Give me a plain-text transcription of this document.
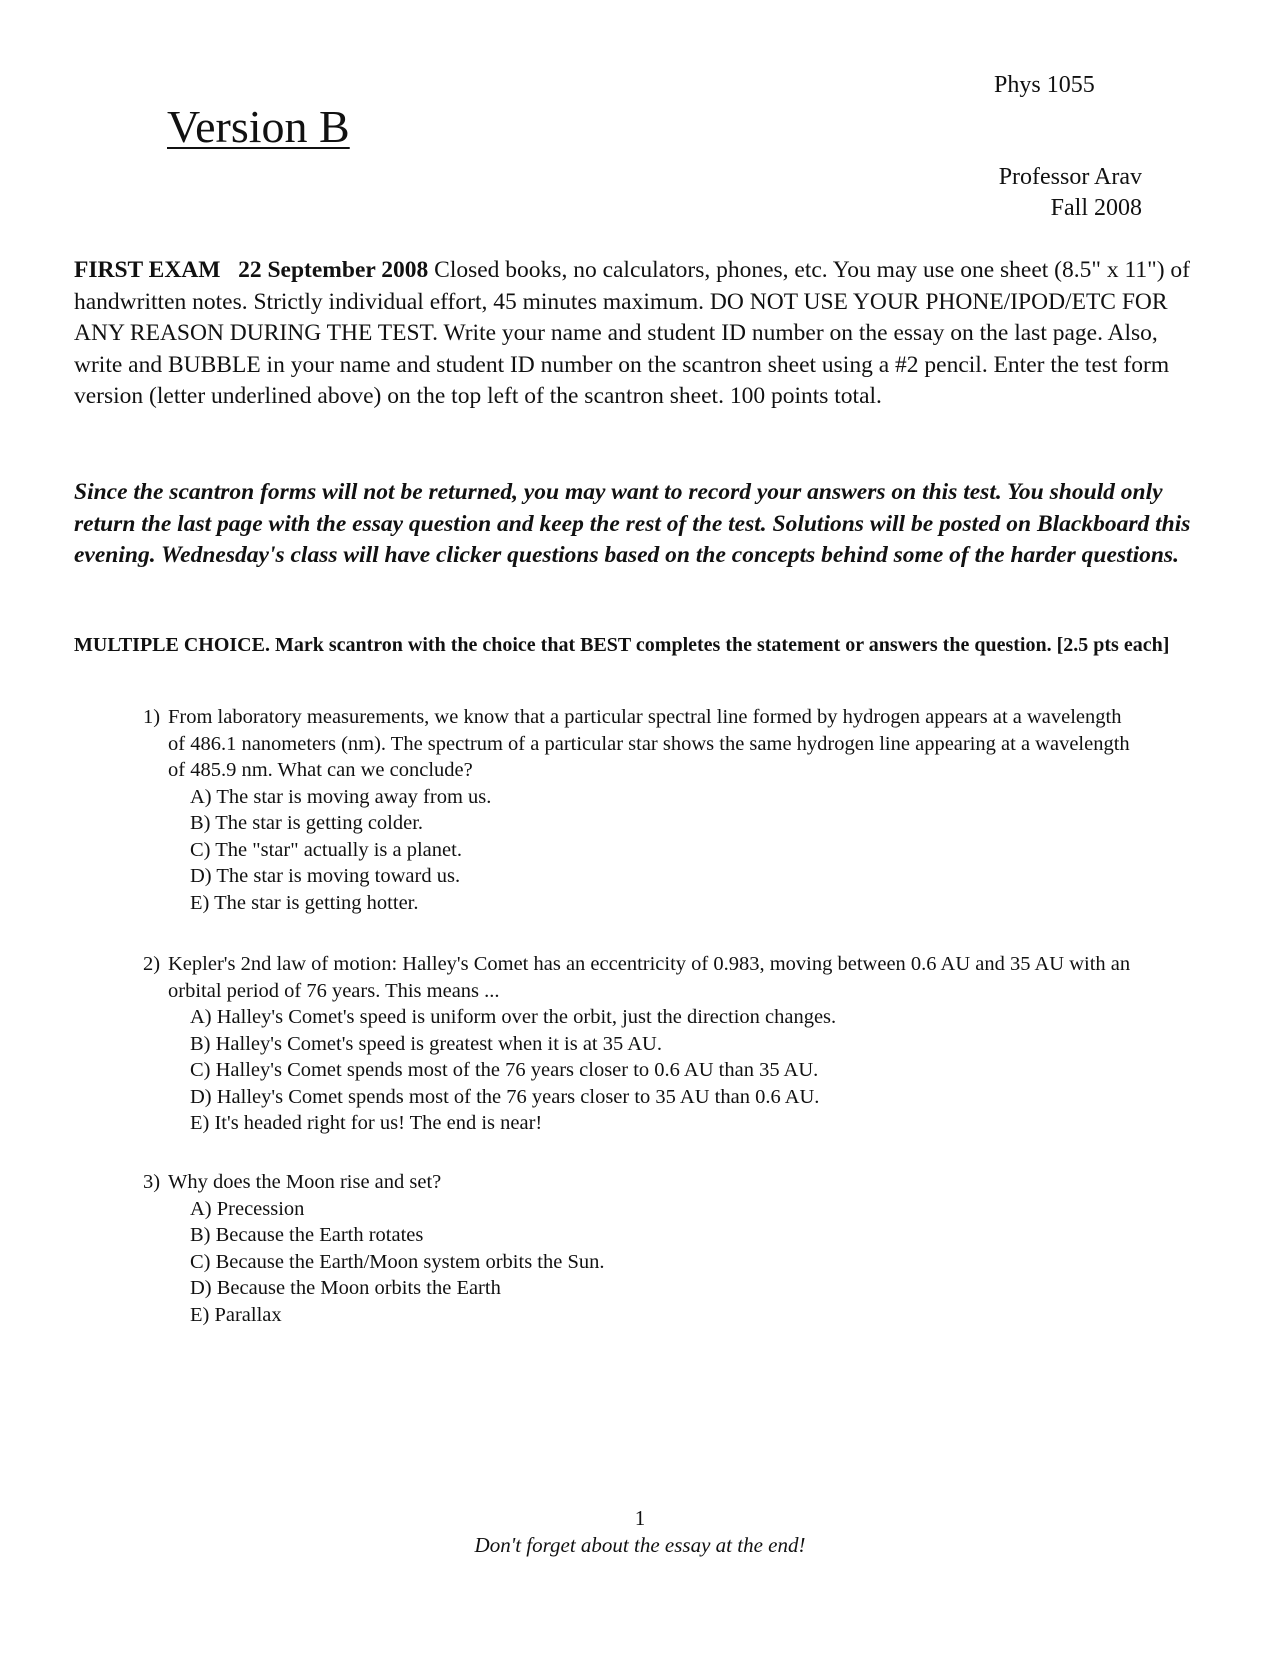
Phys 1055
Version B
Professor Arav
Fall 2008
FIRST EXAM 22 September 2008 Closed books, no calculators, phones, etc. You may use one sheet (8.5" x 11") of handwritten notes. Strictly individual effort, 45 minutes maximum. DO NOT USE YOUR PHONE/IPOD/ETC FOR ANY REASON DURING THE TEST. Write your name and student ID number on the essay on the last page. Also, write and BUBBLE in your name and student ID number on the scantron sheet using a #2 pencil. Enter the test form version (letter underlined above) on the top left of the scantron sheet. 100 points total.
Since the scantron forms will not be returned, you may want to record your answers on this test. You should only return the last page with the essay question and keep the rest of the test. Solutions will be posted on Blackboard this evening. Wednesday's class will have clicker questions based on the concepts behind some of the harder questions.
MULTIPLE CHOICE. Mark scantron with the choice that BEST completes the statement or answers the question. [2.5 pts each]
1) From laboratory measurements, we know that a particular spectral line formed by hydrogen appears at a wavelength of 486.1 nanometers (nm). The spectrum of a particular star shows the same hydrogen line appearing at a wavelength of 485.9 nm. What can we conclude?
A) The star is moving away from us.
B) The star is getting colder.
C) The "star" actually is a planet.
D) The star is moving toward us.
E) The star is getting hotter.
2) Kepler's 2nd law of motion: Halley's Comet has an eccentricity of 0.983, moving between 0.6 AU and 35 AU with an orbital period of 76 years. This means ...
A) Halley's Comet's speed is uniform over the orbit, just the direction changes.
B) Halley's Comet's speed is greatest when it is at 35 AU.
C) Halley's Comet spends most of the 76 years closer to 0.6 AU than 35 AU.
D) Halley's Comet spends most of the 76 years closer to 35 AU than 0.6 AU.
E) It's headed right for us! The end is near!
3) Why does the Moon rise and set?
A) Precession
B) Because the Earth rotates
C) Because the Earth/Moon system orbits the Sun.
D) Because the Moon orbits the Earth
E) Parallax
1
Don't forget about the essay at the end!
